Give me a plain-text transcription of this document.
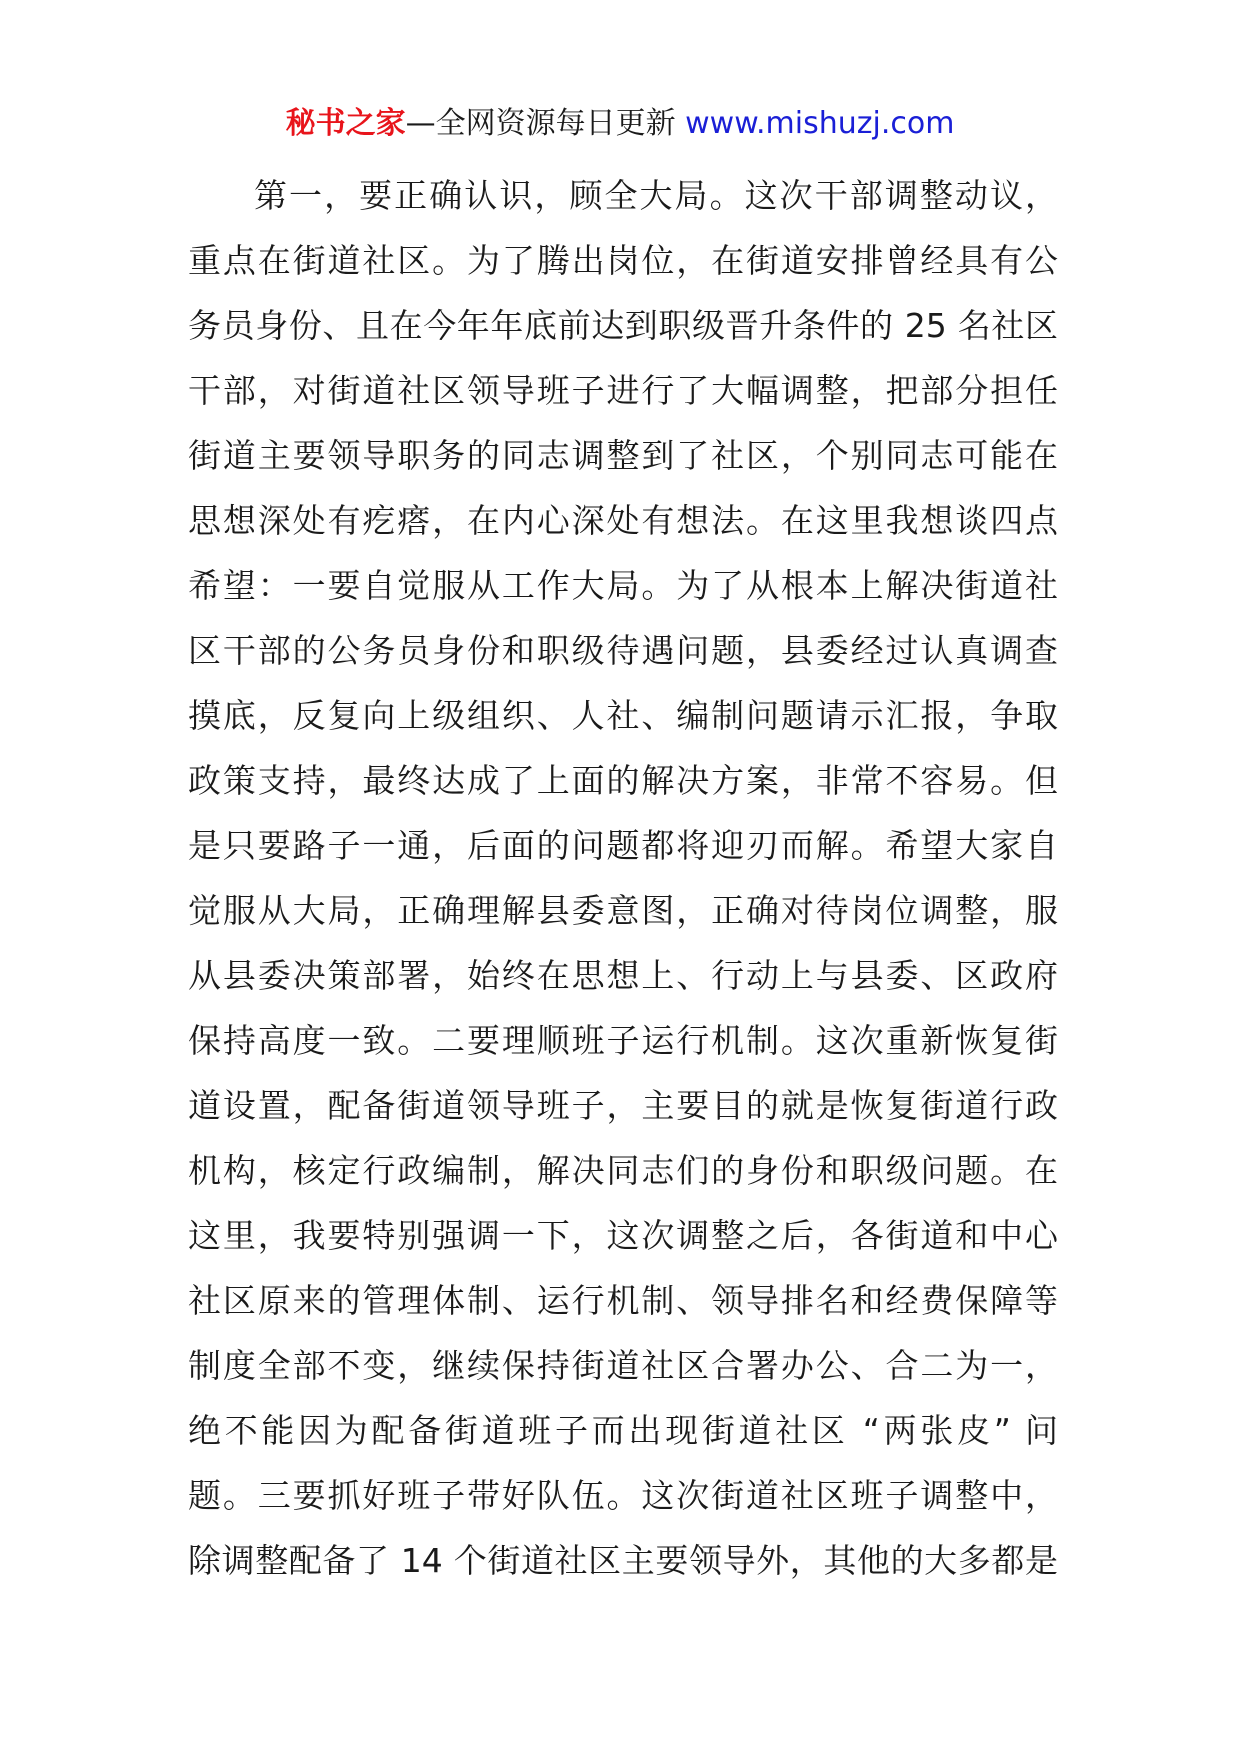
秘书之家—全网资源每日更新 www.mishuzj.com
第一，要正确认识，顾全大局。这次干部调整动议，
重点在街道社区。为了腾出岗位，在街道安排曾经具有公
务员身份、且在今年年底前达到职级晋升条件的 25 名社区
干部，对街道社区领导班子进行了大幅调整，把部分担任
街道主要领导职务的同志调整到了社区，个别同志可能在
思想深处有疙瘩，在内心深处有想法。在这里我想谈四点
希望：一要自觉服从工作大局。为了从根本上解决街道社
区干部的公务员身份和职级待遇问题，县委经过认真调查
摸底，反复向上级组织、人社、编制问题请示汇报，争取
政策支持，最终达成了上面的解决方案，非常不容易。但
是只要路子一通，后面的问题都将迎刃而解。希望大家自
觉服从大局，正确理解县委意图，正确对待岗位调整，服
从县委决策部署，始终在思想上、行动上与县委、区政府
保持高度一致。二要理顺班子运行机制。这次重新恢复街
道设置，配备街道领导班子，主要目的就是恢复街道行政
机构，核定行政编制，解决同志们的身份和职级问题。在
这里，我要特别强调一下，这次调整之后，各街道和中心
社区原来的管理体制、运行机制、领导排名和经费保障等
制度全部不变，继续保持街道社区合署办公、合二为一，
绝不能因为配备街道班子而出现街道社区 “两张皮” 问
题。三要抓好班子带好队伍。这次街道社区班子调整中，
除调整配备了 14 个街道社区主要领导外，其他的大多都是
